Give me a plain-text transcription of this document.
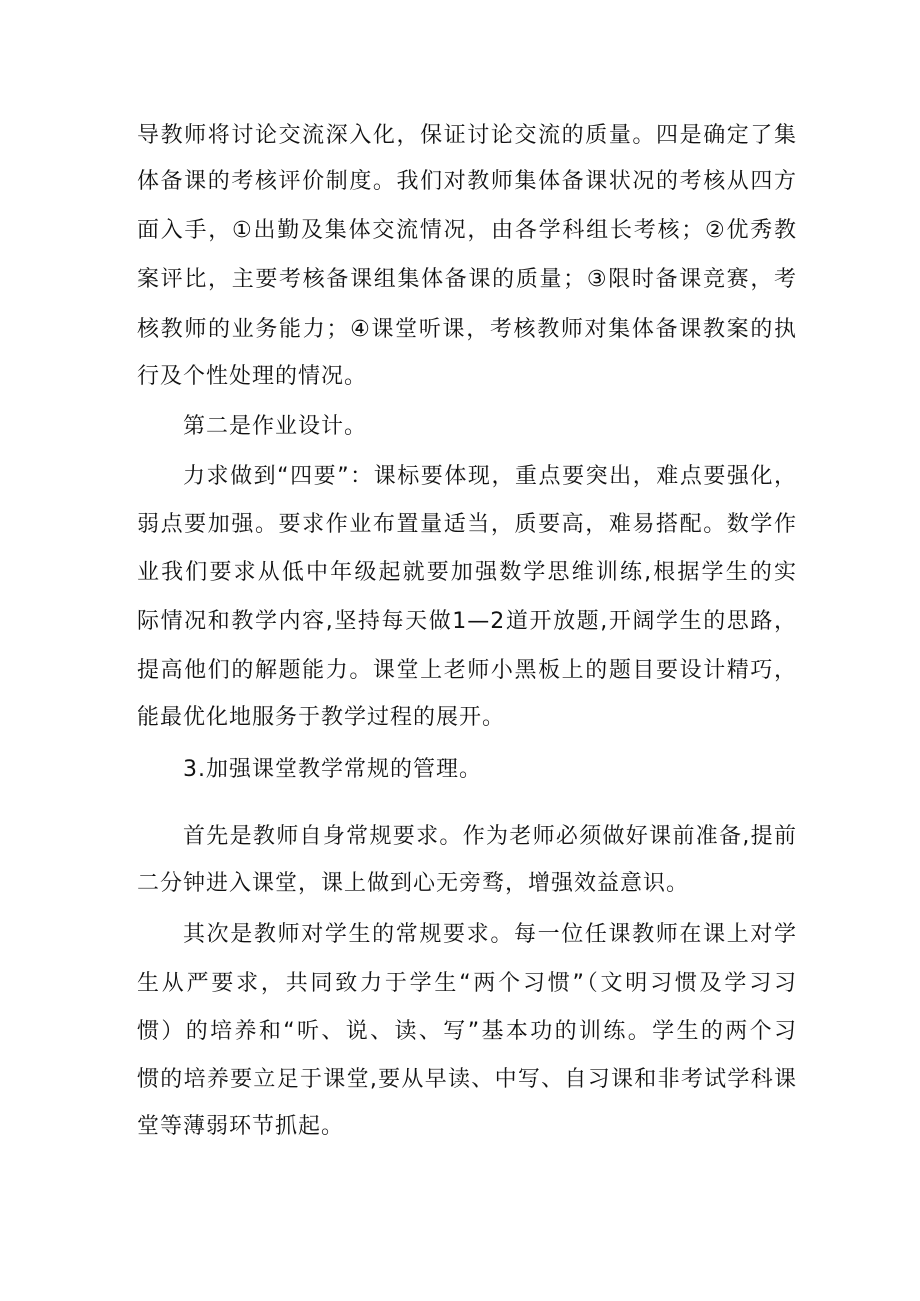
导教师将讨论交流深入化，保证讨论交流的质量。四是确定了集
体备课的考核评价制度。我们对教师集体备课状况的考核从四方
面入手，①出勤及集体交流情况，由各学科组长考核；②优秀教
案评比，主要考核备课组集体备课的质量；③限时备课竞赛，考
核教师的业务能力；④课堂听课，考核教师对集体备课教案的执
行及个性处理的情况。
第二是作业设计。
力求做到“四要”：课标要体现，重点要突出，难点要强化，
弱点要加强。要求作业布置量适当，质要高，难易搭配。数学作
业我们要求从低中年级起就要加强数学思维训练,根据学生的实
际情况和教学内容,坚持每天做1—2道开放题,开阔学生的思路，
提高他们的解题能力。课堂上老师小黑板上的题目要设计精巧，
能最优化地服务于教学过程的展开。
3.加强课堂教学常规的管理。
首先是教师自身常规要求。作为老师必须做好课前准备,提前
二分钟进入课堂，课上做到心无旁骛，增强效益意识。
其次是教师对学生的常规要求。每一位任课教师在课上对学
生从严要求，共同致力于学生“两个习惯”（文明习惯及学习习
惯）的培养和“听、说、读、写”基本功的训练。学生的两个习
惯的培养要立足于课堂,要从早读、中写、自习课和非考试学科课
堂等薄弱环节抓起。
